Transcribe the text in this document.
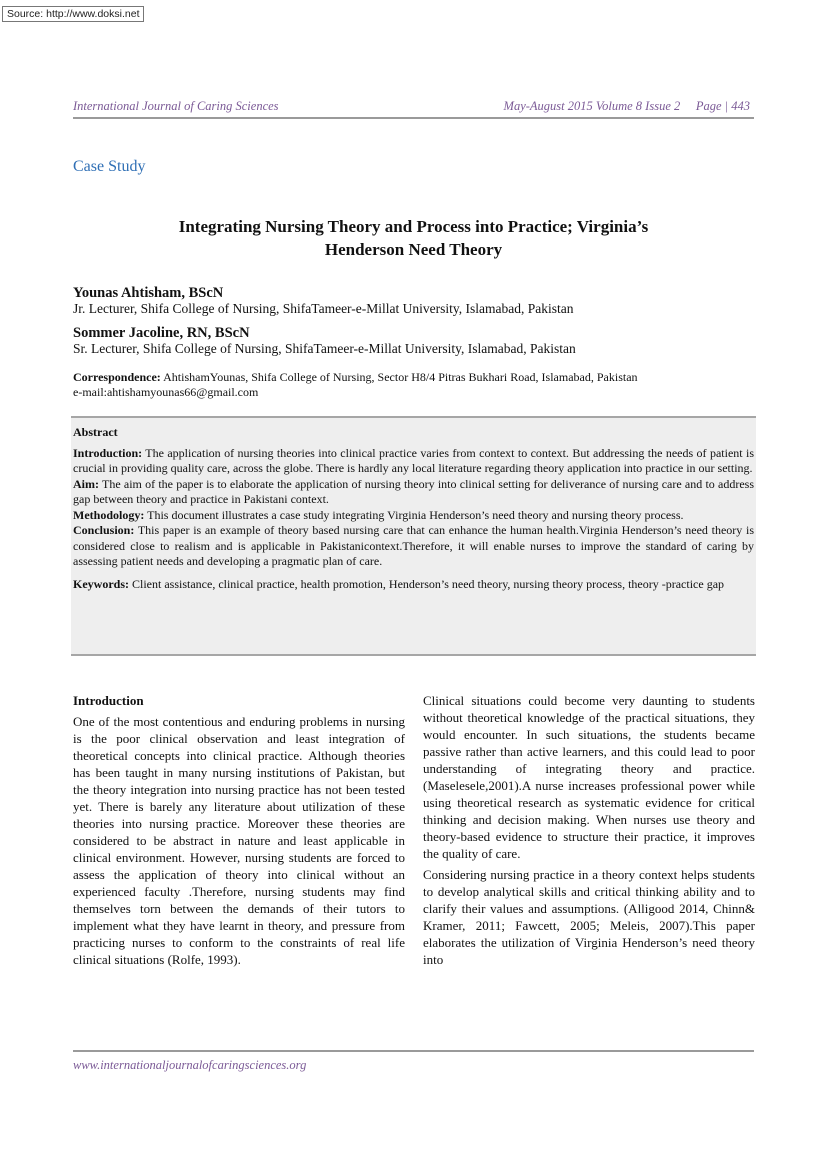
Source: http://www.doksi.net
International Journal of Caring Sciences	May-August 2015 Volume 8 Issue 2     Page | 443
Case Study
Integrating Nursing Theory and Process into Practice; Virginia’s
Henderson Need Theory
Younas Ahtisham, BScN
Jr. Lecturer, Shifa College of Nursing, ShifaTameer-e-Millat University, Islamabad, Pakistan
Sommer Jacoline, RN, BScN
Sr. Lecturer, Shifa College of Nursing, ShifaTameer-e-Millat University, Islamabad, Pakistan
Correspondence: AhtishamYounas, Shifa College of Nursing, Sector H8/4 Pitras Bukhari Road, Islamabad, Pakistan
e-mail:ahtishamyounas66@gmail.com
Abstract
Introduction: The application of nursing theories into clinical practice varies from context to context. But addressing the needs of patient is crucial in providing quality care, across the globe. There is hardly any local literature regarding theory application into practice in our setting.
Aim: The aim of the paper is to elaborate the application of nursing theory into clinical setting for deliverance of nursing care and to address gap between theory and practice in Pakistani context.
Methodology: This document illustrates a case study integrating Virginia Henderson’s need theory and nursing theory process.
Conclusion: This paper is an example of theory based nursing care that can enhance the human health.Virginia Henderson’s need theory is considered close to realism and is applicable in Pakistanicontext.Therefore, it will enable nurses to improve the standard of caring by assessing patient needs and developing a pragmatic plan of care.
Keywords: Client assistance, clinical practice, health promotion, Henderson’s need theory, nursing theory process, theory -practice gap
Introduction

One of the most contentious and enduring problems in nursing is the poor clinical observation and least integration of theoretical concepts into clinical practice. Although theories has been taught in many nursing institutions of Pakistan, but the theory integration into nursing practice has not been tested yet. There is barely any literature about utilization of these theories into nursing practice. Moreover these theories are considered to be abstract in nature and least applicable in clinical environment. However, nursing students are forced to assess the application of theory into clinical without an experienced faculty .Therefore, nursing students may find themselves torn between the demands of their tutors to implement what they have learnt in theory, and pressure from practicing nurses to conform to the constraints of real life clinical situations (Rolfe, 1993).

Clinical situations could become very daunting to students without theoretical knowledge of the practical situations, they would encounter. In such situations, the students became passive rather than active learners, and this could lead to poor understanding of integrating theory and practice.(Maselesele,2001).A nurse increases professional power while using theoretical research as systematic evidence for critical thinking and decision making. When nurses use theory and theory-based evidence to structure their practice, it improves the quality of care.

Considering nursing practice in a theory context helps students to develop analytical skills and critical thinking ability and to clarify their values and assumptions. (Alligood 2014, Chinn& Kramer, 2011; Fawcett, 2005; Meleis, 2007).This paper elaborates the utilization of Virginia Henderson’s need theory into

www.internationaljournalofcaringsciences.org
